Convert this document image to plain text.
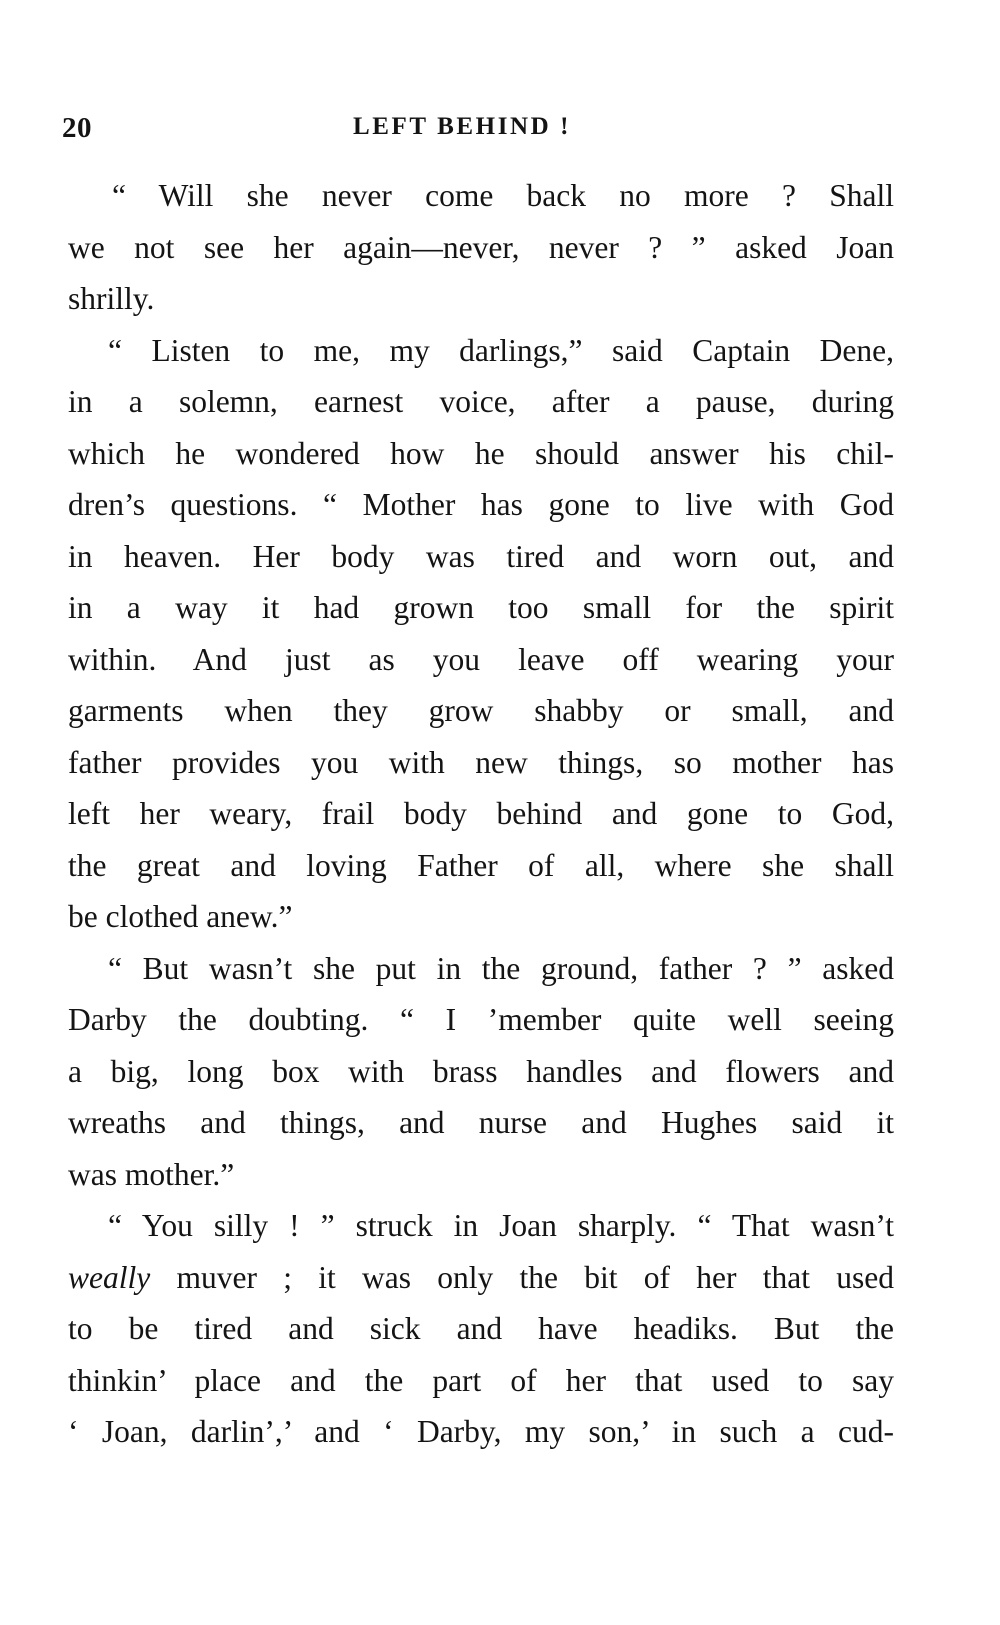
20	LEFT BEHIND !
“ Will she never come back no more ? Shall
we not see her again—never, never ? ” asked Joan
shrilly.
“ Listen to me, my darlings,” said Captain Dene,
in a solemn, earnest voice, after a pause, during
which he wondered how he should answer his chil-
dren’s questions. “ Mother has gone to live with God
in heaven. Her body was tired and worn out, and
in a way it had grown too small for the spirit
within. And just as you leave off wearing your
garments when they grow shabby or small, and
father provides you with new things, so mother has
left her weary, frail body behind and gone to God,
the great and loving Father of all, where she shall
be clothed anew.”
“ But wasn’t she put in the ground, father ? ” asked
Darby the doubting. “ I ’member quite well seeing
a big, long box with brass handles and flowers and
wreaths and things, and nurse and Hughes said it
was mother.”
“ You silly ! ” struck in Joan sharply. “ That wasn’t
weally muver ; it was only the bit of her that used
to be tired and sick and have headiks. But the
thinkin’ place and the part of her that used to say
‘ Joan, darlin’,’ and ‘ Darby, my son,’ in such a cud-
